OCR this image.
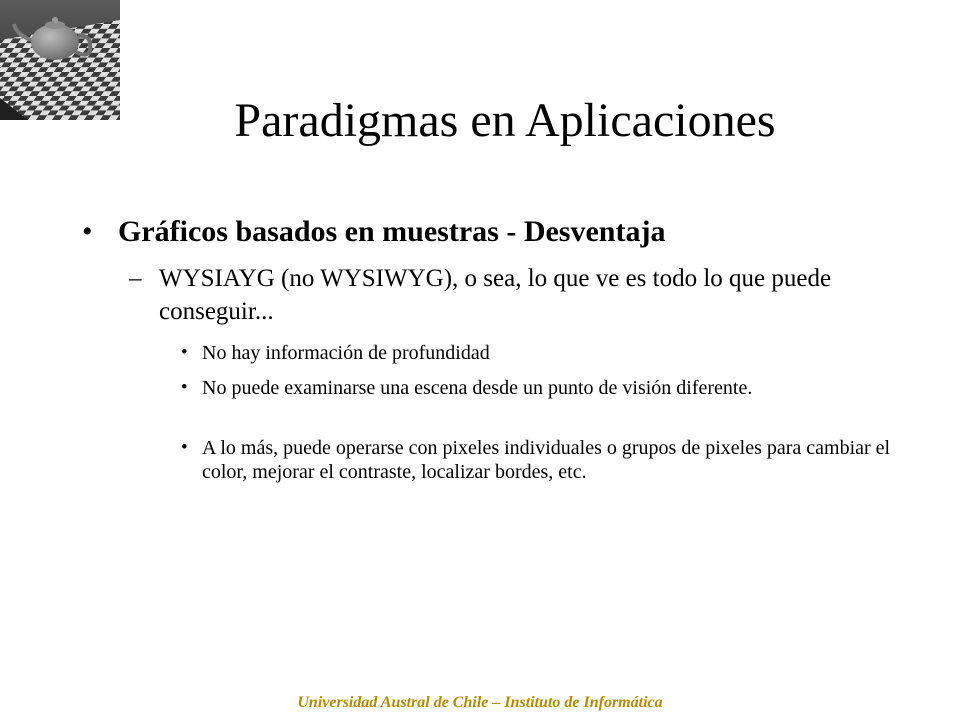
Paradigmas en Aplicaciones
• Gráficos basados en muestras - Desventaja
– WYSIAYG (no WYSIWYG), o sea, lo que ve es todo lo que puede conseguir...
• No hay información de profundidad
• No puede examinarse una escena desde un punto de visión diferente.
• A lo más, puede operarse con pixeles individuales o grupos de pixeles para cambiar el color, mejorar el contraste, localizar bordes, etc.
Universidad Austral de Chile – Instituto de Informática
